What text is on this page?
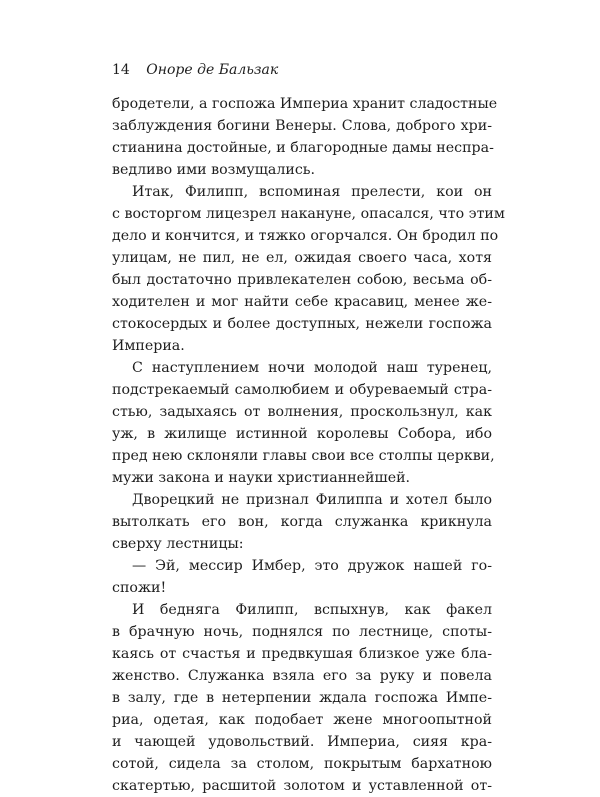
14 Оноре де Бальзак
бродетели, а госпожа Империа хранит сладостные
заблуждения богини Венеры. Слова, доброго хри-
стианина достойные, и благородные дамы неспра-
ведливо ими возмущались.
Итак, Филипп, вспоминая прелести, кои он
с восторгом лицезрел накануне, опасался, что этим
дело и кончится, и тяжко огорчался. Он бродил по
улицам, не пил, не ел, ожидая своего часа, хотя
был достаточно привлекателен собою, весьма об-
ходителен и мог найти себе красавиц, менее же-
стокосердых и более доступных, нежели госпожа
Империа.
С наступлением ночи молодой наш туренец,
подстрекаемый самолюбием и обуреваемый стра-
стью, задыхаясь от волнения, проскользнул, как
уж, в жилище истинной королевы Собора, ибо
пред нею склоняли главы свои все столпы церкви,
мужи закона и науки христианнейшей.
Дворецкий не признал Филиппа и хотел было
вытолкать его вон, когда служанка крикнула
сверху лестницы:
— Эй, мессир Имбер, это дружок нашей го-
спожи!
И бедняга Филипп, вспыхнув, как факел
в брачную ночь, поднялся по лестнице, споты-
каясь от счастья и предвкушая близкое уже бла-
женство. Служанка взяла его за руку и повела
в залу, где в нетерпении ждала госпожа Импе-
риа, одетая, как подобает жене многоопытной
и чающей удовольствий. Империа, сияя кра-
сотой, сидела за столом, покрытым бархатною
скатертью, расшитой золотом и уставленной от-
